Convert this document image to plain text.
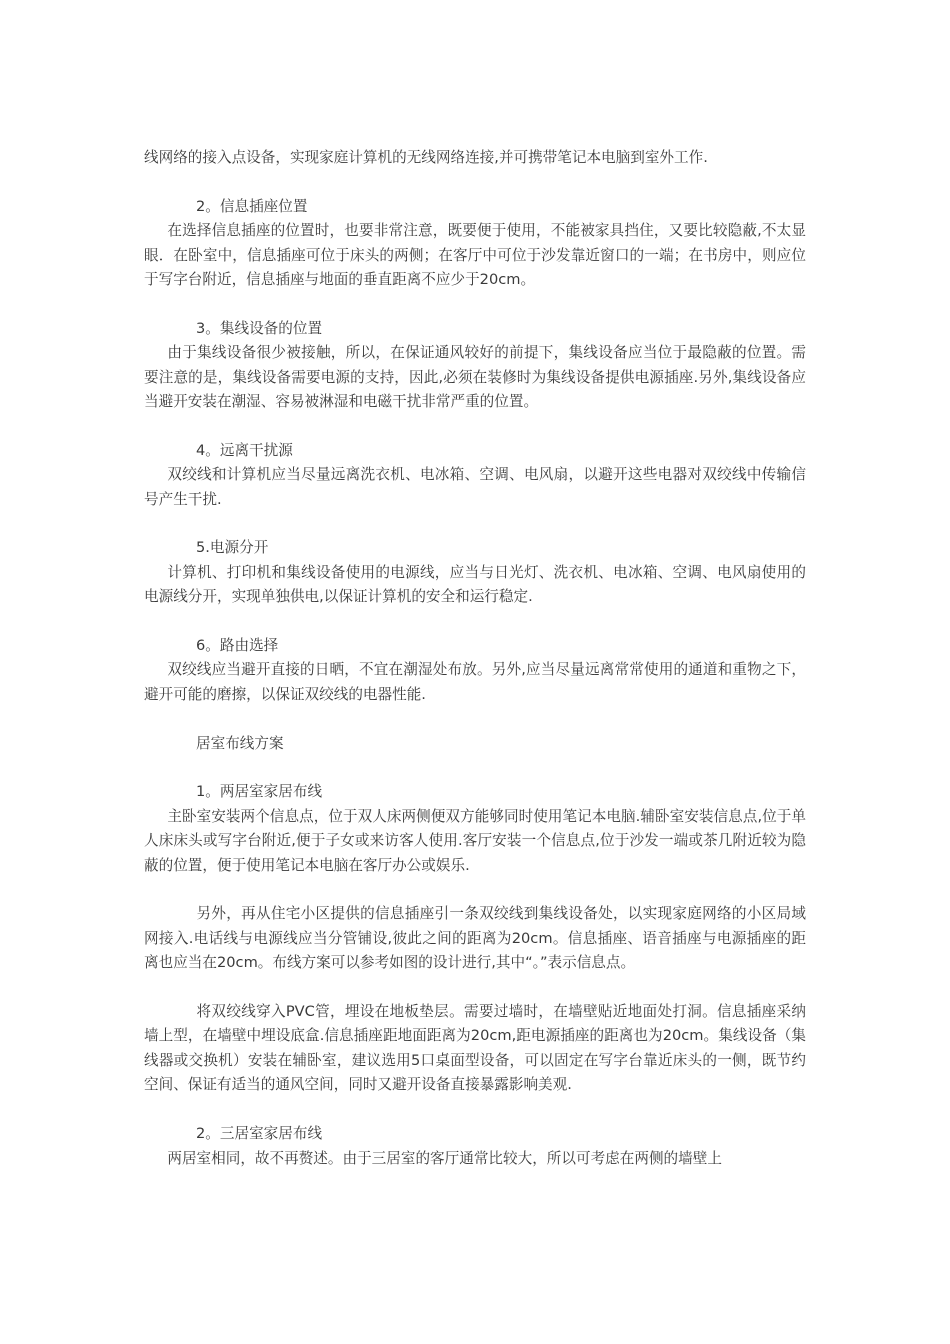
线网络的接入点设备，实现家庭计算机的无线网络连接,并可携带笔记本电脑到室外工作.

2。信息插座位置

在选择信息插座的位置时，也要非常注意，既要便于使用，不能被家具挡住，又要比较隐蔽,不太显眼．在卧室中，信息插座可位于床头的两侧；在客厅中可位于沙发靠近窗口的一端；在书房中，则应位于写字台附近，信息插座与地面的垂直距离不应少于20cm。

3。集线设备的位置

由于集线设备很少被接触，所以，在保证通风较好的前提下，集线设备应当位于最隐蔽的位置。需要注意的是，集线设备需要电源的支持，因此,必须在装修时为集线设备提供电源插座.另外,集线设备应当避开安装在潮湿、容易被淋湿和电磁干扰非常严重的位置。

4。远离干扰源

双绞线和计算机应当尽量远离洗衣机、电冰箱、空调、电风扇，以避开这些电器对双绞线中传输信号产生干扰.

5.电源分开

计算机、打印机和集线设备使用的电源线，应当与日光灯、洗衣机、电冰箱、空调、电风扇使用的电源线分开，实现单独供电,以保证计算机的安全和运行稳定.

6。路由选择

双绞线应当避开直接的日晒，不宜在潮湿处布放。另外,应当尽量远离常常使用的通道和重物之下，避开可能的磨擦，以保证双绞线的电器性能.

居室布线方案

1。两居室家居布线

主卧室安装两个信息点，位于双人床两侧便双方能够同时使用笔记本电脑.辅卧室安装信息点,位于单人床床头或写字台附近,便于子女或来访客人使用.客厅安装一个信息点,位于沙发一端或茶几附近较为隐蔽的位置，便于使用笔记本电脑在客厅办公或娱乐.

另外，再从住宅小区提供的信息插座引一条双绞线到集线设备处，以实现家庭网络的小区局域网接入.电话线与电源线应当分管铺设,彼此之间的距离为20cm。信息插座、语音插座与电源插座的距离也应当在20cm。布线方案可以参考如图的设计进行,其中“。”表示信息点。

将双绞线穿入PVC管，埋设在地板垫层。需要过墙时，在墙壁贴近地面处打洞。信息插座采纳墙上型，在墙壁中埋设底盒.信息插座距地面距离为20cm,距电源插座的距离也为20cm。集线设备（集线器或交换机）安装在辅卧室，建议选用5口桌面型设备，可以固定在写字台靠近床头的一侧，既节约空间、保证有适当的通风空间，同时又避开设备直接暴露影响美观.

2。三居室家居布线

两居室相同，故不再赘述。由于三居室的客厅通常比较大，所以可考虑在两侧的墙壁上
